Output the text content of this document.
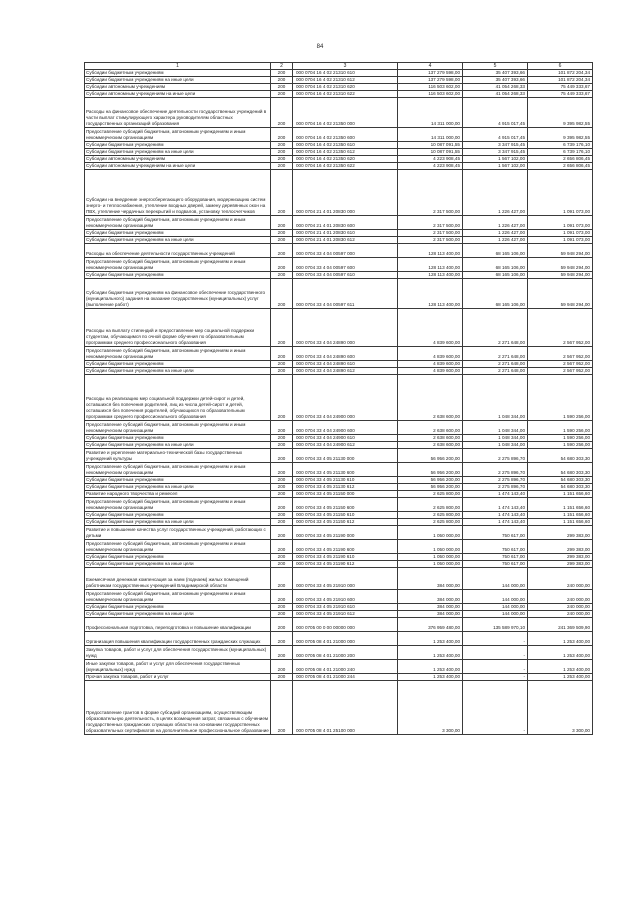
84
1	2	3	4	5	6
Субсидии бюджетным учреждениям	200	000 0704 16 4 02 21310 610	137 279 598,00	35 407 393,66	101 872 204,34
Субсидии бюджетным учреждениям на иные цели	200	000 0704 16 4 02 21310 612	137 279 598,00	35 407 393,66	101 872 204,34
Субсидии автономным учреждениям	200	000 0704 16 4 02 21310 620	116 503 602,00	41 054 268,33	75 449 333,67
Субсидии автономным учреждениям на иные цели	200	000 0704 16 4 02 21310 622	116 503 602,00	41 054 268,33	75 449 333,67
Расходы на финансовое обеспечение деятельности государственных учреждений в части выплат стимулирующего характера руководителям областных государственных организаций образования	200	000 0704 16 4 02 21350 000	14 311 000,00	4 915 017,45	9 395 982,55
Предоставление субсидий бюджетным, автономным учреждениям и иным некоммерческим организациям	200	000 0704 16 4 02 21350 600	14 311 000,00	4 915 017,45	9 395 982,55
Субсидии бюджетным учреждениям	200	000 0704 16 4 02 21350 610	10 087 091,55	3 347 915,45	6 739 176,10
Субсидии бюджетным учреждениям на иные цели	200	000 0704 16 4 02 21350 612	10 087 091,55	3 347 915,45	6 739 176,10
Субсидии автономным учреждениям	200	000 0704 16 4 02 21350 620	4 223 908,45	1 567 102,00	2 656 806,45
Субсидии автономным учреждениям на иные цели	200	000 0704 16 4 02 21350 622	4 223 908,45	1 567 102,00	2 656 806,45
Субсидии на внедрение энергосберегающего оборудования, модернизацию систем энерго- и теплоснабжения, утепление входных дверей, замену деревянных окон на ПВХ, утепление чердачных перекрытий и подвалов, установку теплосчетчиков	200	000 0704 21 4 01 20830 000	2 317 500,00	1 226 427,00	1 091 073,00
Предоставление субсидий бюджетным, автономным учреждениям и иным некоммерческим организациям	200	000 0704 21 4 01 20830 600	2 317 500,00	1 226 427,00	1 091 073,00
Субсидии бюджетным учреждениям	200	000 0704 21 4 01 20830 610	2 317 500,00	1 226 427,00	1 091 073,00
Субсидии бюджетным учреждениям на иные цели	200	000 0704 21 4 01 20830 612	2 317 500,00	1 226 427,00	1 091 073,00
Расходы на обеспечение деятельности государственных учреждений	200	000 0704 33 4 04 00597 000	128 113 400,00	68 165 106,00	59 948 294,00
Предоставление субсидий бюджетным, автономным учреждениям и иным некоммерческим организациям	200	000 0704 33 4 04 00597 600	128 113 400,00	68 165 106,00	59 948 294,00
Субсидии бюджетным учреждениям	200	000 0704 33 4 04 00597 610	128 113 400,00	68 165 106,00	59 948 294,00
Субсидии бюджетным учреждениям на финансовое обеспечение государственного (муниципального) задания на оказание государственных (муниципальных) услуг (выполнение работ)	200	000 0704 33 4 04 00597 611	128 113 400,00	68 165 106,00	59 948 294,00
Расходы на выплату стипендий и предоставление мер социальной поддержки студентам, обучающимся по очной форме обучения по образовательным программам среднего профессионального образования	200	000 0704 33 4 04 24890 000	4 839 600,00	2 271 648,00	2 567 952,00
Предоставление субсидий бюджетным, автономным учреждениям и иным некоммерческим организациям	200	000 0704 33 4 04 24890 600	4 839 600,00	2 271 648,00	2 567 952,00
Субсидии бюджетным учреждениям	200	000 0704 33 4 04 24890 610	4 839 600,00	2 271 648,00	2 567 952,00
Субсидии бюджетным учреждениям на иные цели	200	000 0704 33 4 04 24890 612	4 839 600,00	2 271 648,00	2 567 952,00
Расходы на реализацию мер социальной поддержки детей-сирот и детей, оставшихся без попечения родителей, лиц из числа детей-сирот и детей, оставшихся без попечения родителей, обучающихся по образовательным программам среднего профессионального образования	200	000 0704 33 4 04 24900 000	2 638 600,00	1 048 344,00	1 590 256,00
Предоставление субсидий бюджетным, автономным учреждениям и иным некоммерческим организациям	200	000 0704 33 4 04 24900 600	2 638 600,00	1 048 344,00	1 590 256,00
Субсидии бюджетным учреждениям	200	000 0704 33 4 04 24900 610	2 638 600,00	1 048 344,00	1 590 256,00
Субсидии бюджетным учреждениям на иные цели	200	000 0704 33 4 04 24900 612	2 638 600,00	1 048 344,00	1 590 256,00
Развитие и укрепление материально-технической базы государственных учреждений культуры	200	000 0704 33 4 05 21130 000	56 956 200,00	2 275 896,70	54 680 303,30
Предоставление субсидий бюджетным, автономным учреждениям и иным некоммерческим организациям	200	000 0704 33 4 05 21130 600	56 956 200,00	2 275 896,70	54 680 303,30
Субсидии бюджетным учреждениям	200	000 0704 33 4 05 21130 610	56 956 200,00	2 275 896,70	54 680 303,30
Субсидии бюджетным учреждениям на иные цели	200	000 0704 33 4 05 21130 612	56 956 200,00	2 275 896,70	54 680 303,30
Развитие народного творчества и ремесел	200	000 0704 33 4 05 21150 000	2 625 800,00	1 474 143,40	1 151 656,60
Предоставление субсидий бюджетным, автономным учреждениям и иным некоммерческим организациям	200	000 0704 33 4 05 21150 600	2 625 800,00	1 474 143,40	1 151 656,60
Субсидии бюджетным учреждениям	200	000 0704 33 4 05 21150 610	2 625 800,00	1 474 143,40	1 151 656,60
Субсидии бюджетным учреждениям на иные цели	200	000 0704 33 4 05 21150 612	2 625 800,00	1 474 143,40	1 151 656,60
Развитие и повышение качества услуг государственных учреждений, работающих с детьми	200	000 0704 33 4 05 21190 000	1 050 000,00	750 617,00	299 383,00
Предоставление субсидий бюджетным, автономным учреждениям и иным некоммерческим организациям	200	000 0704 33 4 05 21190 600	1 050 000,00	750 617,00	299 383,00
Субсидии бюджетным учреждениям	200	000 0704 33 4 05 21190 610	1 050 000,00	750 617,00	299 383,00
Субсидии бюджетным учреждениям на иные цели	200	000 0704 33 4 05 21190 612	1 050 000,00	750 617,00	299 383,00
Ежемесячная денежная компенсация за наем (поднаем) жилых помещений работникам государственных учреждений Владимирской области	200	000 0704 33 4 05 21910 000	384 000,00	144 000,00	240 000,00
Предоставление субсидий бюджетным, автономным учреждениям и иным некоммерческим организациям	200	000 0704 33 4 05 21910 600	384 000,00	144 000,00	240 000,00
Субсидии бюджетным учреждениям	200	000 0704 33 4 05 21910 610	384 000,00	144 000,00	240 000,00
Субсидии бюджетным учреждениям на иные цели	200	000 0704 33 4 05 21910 612	384 000,00	144 000,00	240 000,00
Профессиональная подготовка, переподготовка и повышение квалификации	200	000 0705 00 0 00 00000 000	376 959 480,00	135 589 970,10	241 369 509,90
Организация повышения квалификации государственных гражданских служащих	200	000 0705 08 4 01 21000 000	1 253 400,00	-	1 253 400,00
Закупка товаров, работ и услуг для обеспечения государственных (муниципальных) нужд	200	000 0705 08 4 01 21000 200	1 253 400,00	-	1 253 400,00
Иные закупки товаров, работ и услуг для обеспечения государственных (муниципальных) нужд	200	000 0705 08 4 01 21000 240	1 253 400,00	-	1 253 400,00
Прочая закупка товаров, работ и услуг	200	000 0705 08 4 01 21000 244	1 253 400,00	-	1 253 400,00
Предоставление грантов в форме субсидий организациям, осуществляющим образовательную деятельность, в целях возмещения затрат, связанных с обучением государственных гражданских служащих области на основании государственных образовательных сертификатов на дополнительное профессиональное образование	200	000 0705 08 4 01 25100 000	3 300,00	-	3 300,00
